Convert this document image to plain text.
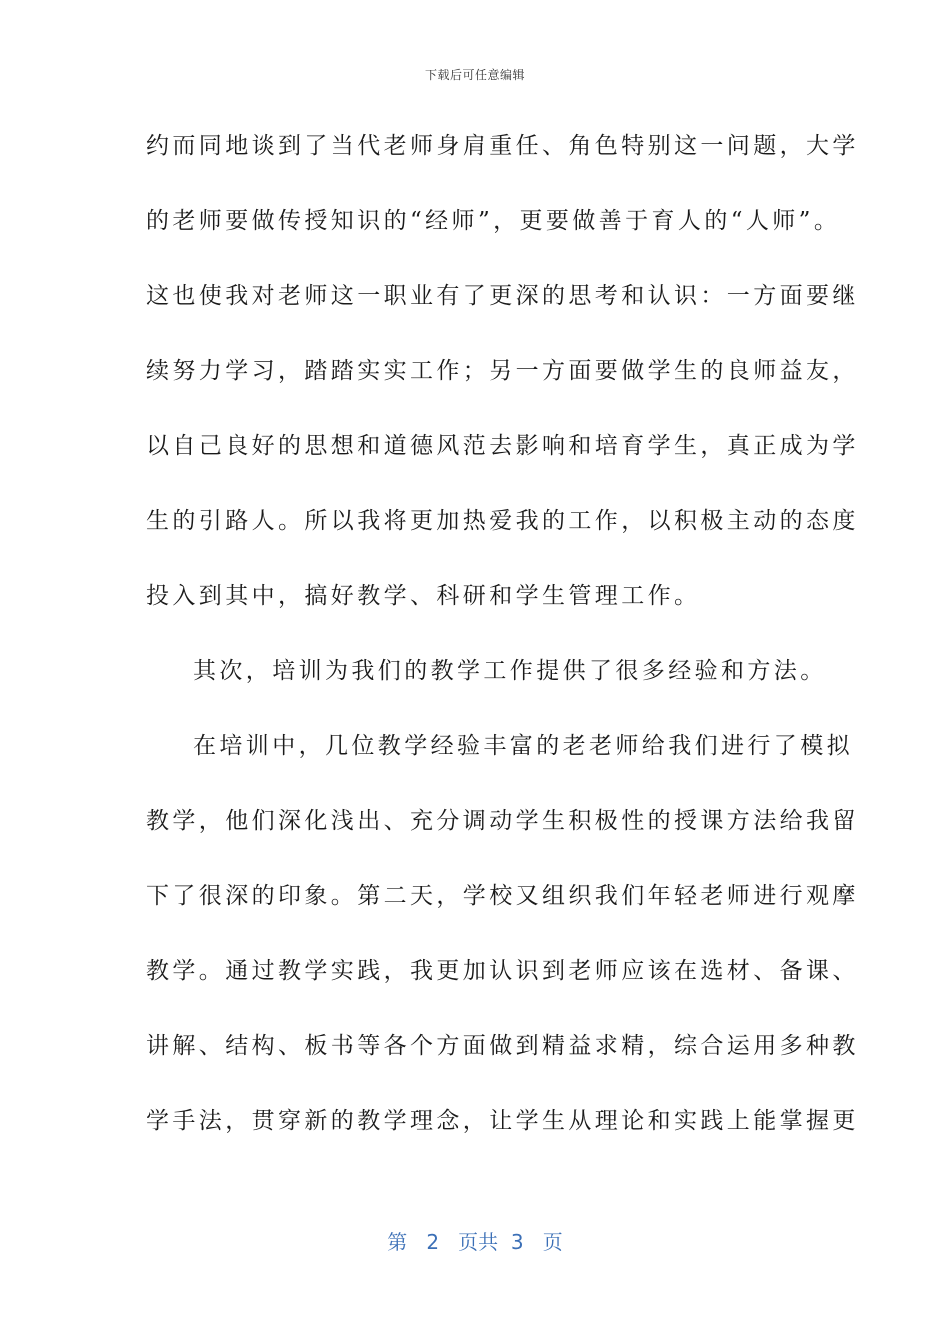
下载后可任意编辑
约而同地谈到了当代老师身肩重任、角色特别这一问题，大学
的老师要做传授知识的“经师”，更要做善于育人的“人师”。
这也使我对老师这一职业有了更深的思考和认识：一方面要继
续努力学习，踏踏实实工作；另一方面要做学生的良师益友，
以自己良好的思想和道德风范去影响和培育学生，真正成为学
生的引路人。所以我将更加热爱我的工作，以积极主动的态度
投入到其中，搞好教学、科研和学生管理工作。
其次，培训为我们的教学工作提供了很多经验和方法。
在培训中，几位教学经验丰富的老老师给我们进行了模拟
教学，他们深化浅出、充分调动学生积极性的授课方法给我留
下了很深的印象。第二天，学校又组织我们年轻老师进行观摩
教学。通过教学实践，我更加认识到老师应该在选材、备课、
讲解、结构、板书等各个方面做到精益求精，综合运用多种教
学手法，贯穿新的教学理念，让学生从理论和实践上能掌握更
第 2 页共 3 页
